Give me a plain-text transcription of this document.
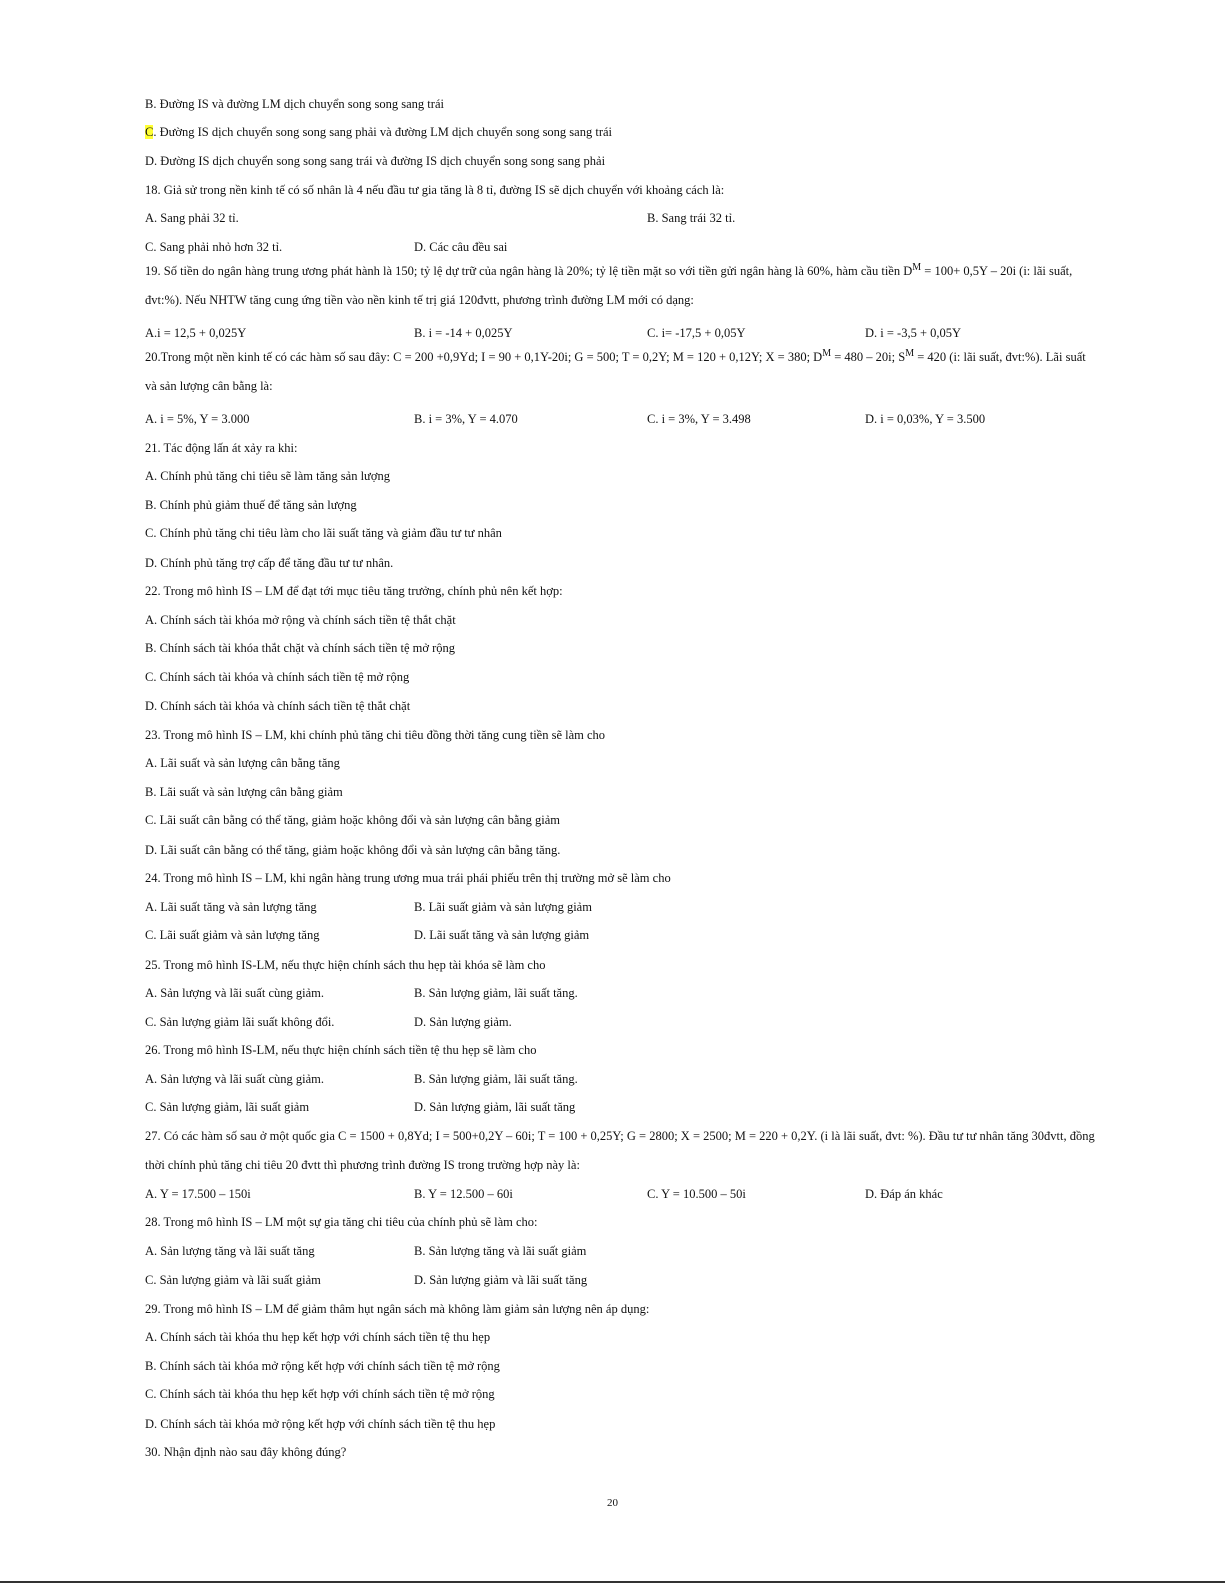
B. Đường IS và đường LM dịch chuyển song song sang trái
C. Đường IS dịch chuyển song song sang phải và đường LM dịch chuyển song song sang trái
D. Đường IS dịch chuyển song song sang trái và đường IS dịch chuyển song song sang phải
18. Giả sử trong nền kinh tế có số nhân là 4 nếu đầu tư gia tăng là 8 tỉ, đường IS sẽ dịch chuyển với khoảng cách là:
A. Sang phải 32 tỉ.	B. Sang trái 32 tỉ.
C. Sang phải nhỏ hơn 32 tỉ.	D. Các câu đều sai
19. Số tiền do ngân hàng trung ương phát hành là 150; tỷ lệ dự trữ của ngân hàng là 20%; tỷ lệ tiền mặt so với tiền gửi ngân hàng là 60%, hàm cầu tiền $D^M = 100+ 0,5Y - 20i$ (i: lãi suất, đvt:%). Nếu NHTW tăng cung ứng tiền vào nền kinh tế trị giá 120đvtt, phương trình đường LM mới có dạng:
A.i = 12,5 + 0,025Y	B. i = -14 + 0,025Y	C. i= -17,5 + 0,05Y	D. i = -3,5 + 0,05Y
20.Trong một nền kinh tế có các hàm số sau đây: C = 200 +0,9Yd; I = 90 + 0,1Y-20i; G = 500; T = 0,2Y; M = 120 + 0,12Y; X = 380; $D^M = 480 - 20i$; $S^M = 420$ (i: lãi suất, đvt:%). Lãi suất và sản lượng cân bằng là:
A. i = 5%, Y = 3.000	B. i = 3%, Y = 4.070	C. i = 3%, Y = 3.498	D. i = 0,03%, Y = 3.500
21. Tác động lấn át xảy ra khi:
A. Chính phủ tăng chi tiêu sẽ làm tăng sản lượng
B. Chính phủ giảm thuế để tăng sản lượng
C. Chính phủ tăng chi tiêu làm cho lãi suất tăng và giảm đầu tư tư nhân
D. Chính phủ tăng trợ cấp để tăng đầu tư tư nhân.
22. Trong mô hình IS – LM để đạt tới mục tiêu tăng trưởng, chính phủ nên kết hợp:
A. Chính sách tài khóa mở rộng và chính sách tiền tệ thắt chặt
B. Chính sách tài khóa thắt chặt và chính sách tiền tệ mở rộng
C. Chính sách tài khóa và chính sách tiền tệ mở rộng
D. Chính sách tài khóa và chính sách tiền tệ thắt chặt
23. Trong mô hình IS – LM, khi chính phủ tăng chi tiêu đồng thời tăng cung tiền sẽ làm cho
A. Lãi suất và sản lượng cân bằng tăng
B. Lãi suất và sản lượng cân bằng giảm
C. Lãi suất cân bằng có thể tăng, giảm hoặc không đổi và sản lượng cân bằng giảm
D. Lãi suất cân bằng có thể tăng, giảm hoặc không đổi và sản lượng cân bằng tăng.
24. Trong mô hình IS – LM, khi ngân hàng trung ương mua trái phái phiếu trên thị trường mở sẽ làm cho
A. Lãi suất tăng và sản lượng tăng	B. Lãi suất giảm và sản lượng giảm
C. Lãi suất giảm và sản lượng tăng	D. Lãi suất tăng và sản lượng giảm
25. Trong mô hình IS-LM, nếu thực hiện chính sách thu hẹp tài khóa sẽ làm cho
A. Sản lượng và lãi suất cùng giảm.	B. Sản lượng giảm, lãi suất tăng.
C. Sản lượng giảm lãi suất không đổi.	D. Sản lượng giảm.
26. Trong mô hình IS-LM, nếu thực hiện chính sách tiền tệ thu hẹp sẽ làm cho
A. Sản lượng và lãi suất cùng giảm.	B. Sản lượng giảm, lãi suất tăng.
C. Sản lượng giảm, lãi suất giảm	D. Sản lượng giảm, lãi suất tăng
27. Có các hàm số sau ở một quốc gia C = 1500 + 0,8Yd; I = 500+0,2Y – 60i; T = 100 + 0,25Y; G = 2800; X = 2500; M = 220 + 0,2Y. (i là lãi suất, đvt: %). Đầu tư tư nhân tăng 30đvtt, đồng thời chính phủ tăng chi tiêu 20 đvtt thì phương trình đường IS trong trường hợp này là:
A. Y = 17.500 – 150i	B. Y = 12.500 – 60i	C. Y = 10.500 – 50i	D. Đáp án khác
28. Trong mô hình IS – LM một sự gia tăng chi tiêu của chính phủ sẽ làm cho:
A. Sản lượng tăng và lãi suất tăng	B. Sản lượng tăng và lãi suất giảm
C. Sản lượng giảm và lãi suất giảm	D. Sản lượng giảm và lãi suất tăng
29. Trong mô hình IS – LM để giảm thâm hụt ngân sách mà không làm giảm sản lượng nên áp dụng:
A. Chính sách tài khóa thu hẹp kết hợp với chính sách tiền tệ thu hẹp
B. Chính sách tài khóa mở rộng kết hợp với chính sách tiền tệ mở rộng
C. Chính sách tài khóa thu hẹp kết hợp với chính sách tiền tệ mở rộng
D. Chính sách tài khóa mở rộng kết hợp với chính sách tiền tệ thu hẹp
30. Nhận định nào sau đây không đúng?
20
